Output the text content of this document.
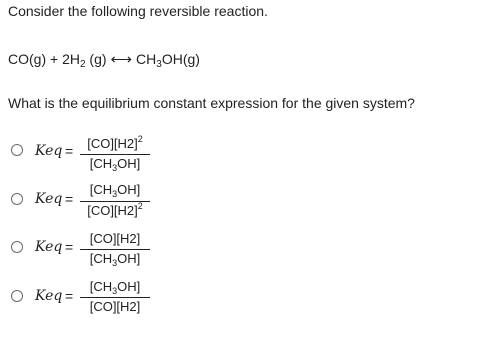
Consider the following reversible reaction.
$CO(g) + 2H_2$ (g) ⟷ $CH_3OH(g)$
What is the equilibrium constant expression for the given system?
Keq =	$[CO][H2]^2$
$[CH_3OH]$
Keq =
$[CH_3OH]$
$[CO][H2]^2$
Keq =
[CO][H2]
$[CH_3OH]$
Keq =
$[CH_3OH]$
[CO][H2]
